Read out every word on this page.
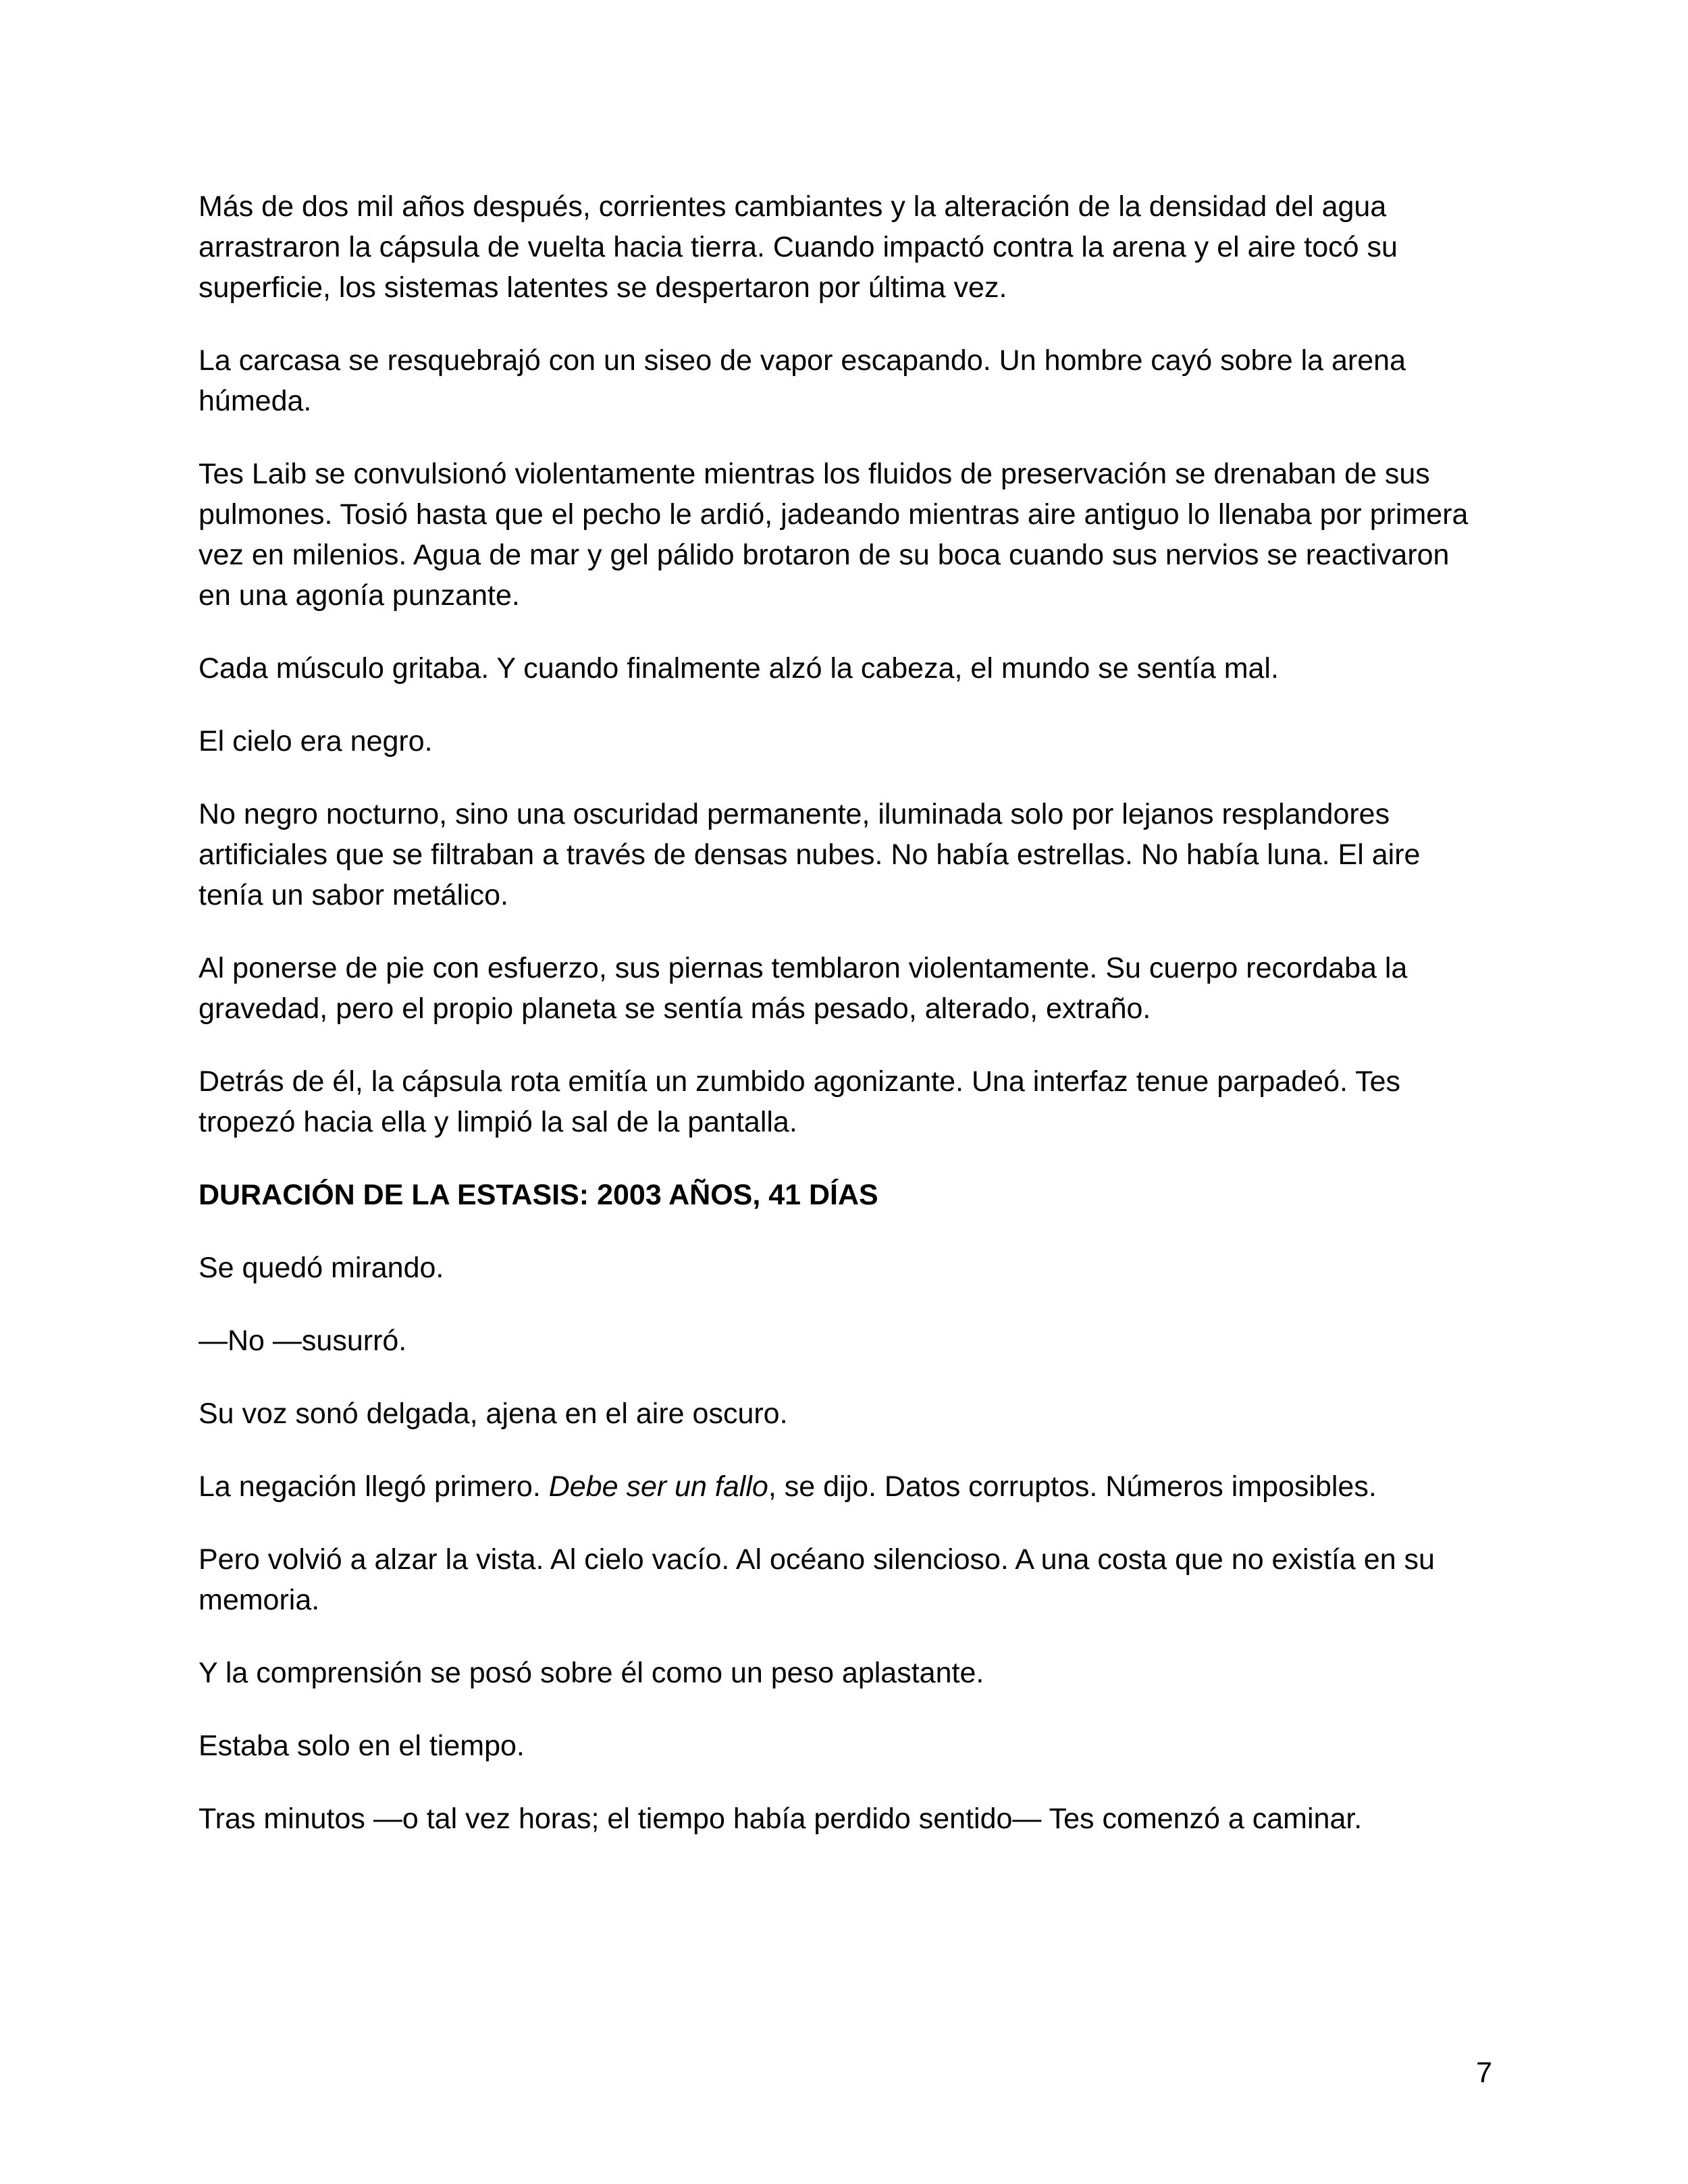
Más de dos mil años después, corrientes cambiantes y la alteración de la densidad del agua arrastraron la cápsula de vuelta hacia tierra. Cuando impactó contra la arena y el aire tocó su superficie, los sistemas latentes se despertaron por última vez.

La carcasa se resquebrajó con un siseo de vapor escapando. Un hombre cayó sobre la arena húmeda.

Tes Laib se convulsionó violentamente mientras los fluidos de preservación se drenaban de sus pulmones. Tosió hasta que el pecho le ardió, jadeando mientras aire antiguo lo llenaba por primera vez en milenios. Agua de mar y gel pálido brotaron de su boca cuando sus nervios se reactivaron en una agonía punzante.

Cada músculo gritaba. Y cuando finalmente alzó la cabeza, el mundo se sentía mal.

El cielo era negro.

No negro nocturno, sino una oscuridad permanente, iluminada solo por lejanos resplandores artificiales que se filtraban a través de densas nubes. No había estrellas. No había luna. El aire tenía un sabor metálico.

Al ponerse de pie con esfuerzo, sus piernas temblaron violentamente. Su cuerpo recordaba la gravedad, pero el propio planeta se sentía más pesado, alterado, extraño.

Detrás de él, la cápsula rota emitía un zumbido agonizante. Una interfaz tenue parpadeó. Tes tropezó hacia ella y limpió la sal de la pantalla.

DURACIÓN DE LA ESTASIS: 2003 AÑOS, 41 DÍAS

Se quedó mirando.

—No —susurró.

Su voz sonó delgada, ajena en el aire oscuro.

La negación llegó primero. Debe ser un fallo, se dijo. Datos corruptos. Números imposibles.

Pero volvió a alzar la vista. Al cielo vacío. Al océano silencioso. A una costa que no existía en su memoria.

Y la comprensión se posó sobre él como un peso aplastante.

Estaba solo en el tiempo.

Tras minutos —o tal vez horas; el tiempo había perdido sentido— Tes comenzó a caminar.

7
